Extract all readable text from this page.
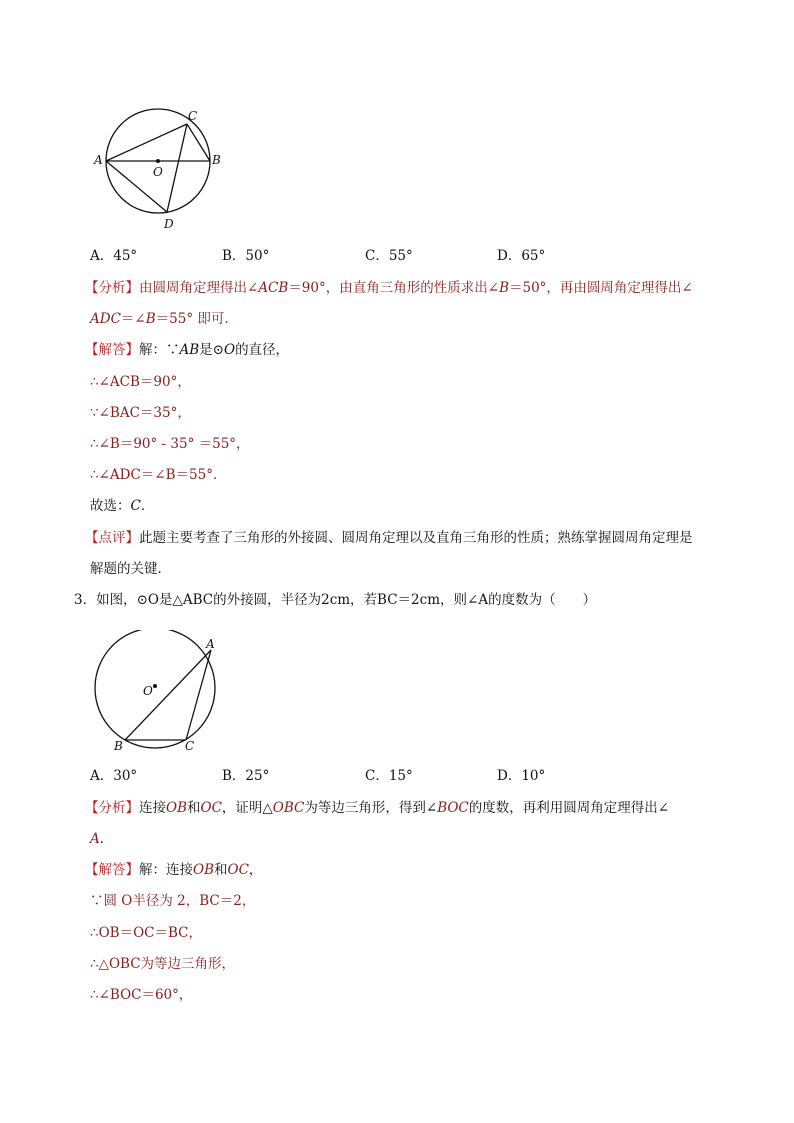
C
A	B
O
D
A．45°	B．50°	C．55°	D．65°
【分析】由圆周角定理得出∠ACB＝90°，由直角三角形的性质求出∠B＝50°，再由圆周角定理得出∠
ADC＝∠B＝55° 即可.
【解答】解：∵AB是⊙O的直径，
∴∠ACB＝90°，
∵∠BAC＝35°，
∴∠B＝90° - 35° ＝55°，
∴∠ADC＝∠B＝55°．
故选：C．
【点评】此题主要考查了三角形的外接圆、圆周角定理以及直角三角形的性质；熟练掌握圆周角定理是
解题的关键．
3．如图，⊙O是△ABC的外接圆，半径为2cm，若BC＝2cm，则∠A的度数为（　　）
A
O
B	C
A．30°	B．25°	C．15°	D．10°
【分析】连接OB和OC，证明△OBC为等边三角形，得到∠BOC的度数，再利用圆周角定理得出∠
A．
【解答】解：连接OB和OC，
∵圆 O半径为 2，BC＝2，
∴OB＝OC＝BC，
∴△OBC为等边三角形，
∴∠BOC＝60°，
